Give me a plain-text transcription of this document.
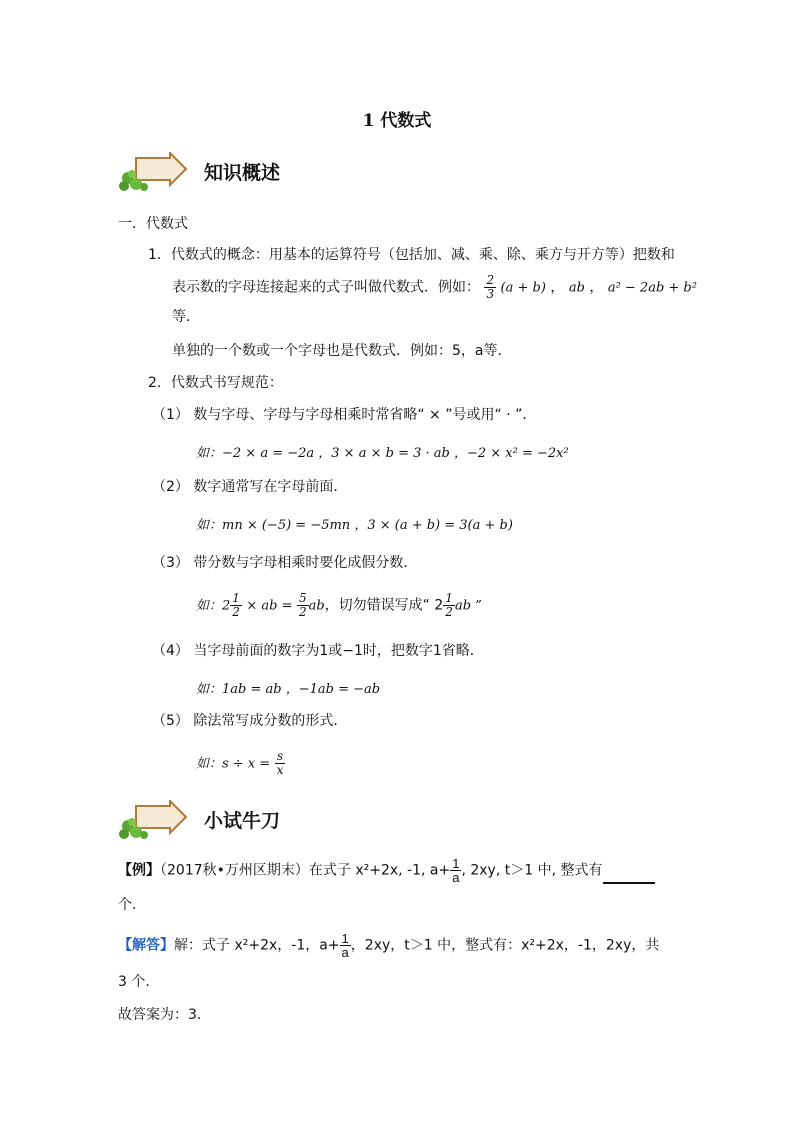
1 代数式
知识概述
一．代数式
1．代数式的概念：用基本的运算符号（包括加、减、乘、除、乘方与开方等）把数和
表示数的字母连接起来的式子叫做代数式．例如： $\frac{2}{3} (a + b)$ ， ab ， a² − 2ab + b²
等．
单独的一个数或一个字母也是代数式．例如：5，a等．
2．代数式书写规范：
（1） 数与字母、字母与字母相乘时常省略“ × ”号或用“ · ”．
如：−2 × a = −2a ，3 × a × b = 3 · ab ，−2 × x² = −2x²
（2） 数字通常写在字母前面．
如：mn × (−5) = −5mn ，3 × (a + b) = 3(a + b)
（3） 带分数与字母相乘时要化成假分数．
如：$2 \frac{1}{2}$ × ab = $\frac{5}{2}$ ab，切勿错误写成“ $2 \frac{1}{2}$ ab ”
（4） 当字母前面的数字为1或−1时，把数字1省略．
如：1ab = ab ，−1ab = −ab
（5） 除法常写成分数的形式．
如：$s \div x = \frac{s}{x}$
小试牛刀
【例】（2017秋•万州区期末）在式子 x²+2x, -1, $a+ \frac{1}{a}$ , 2xy, t＞1 中, 整式有
个.
【解答】解：式子 x²+2x，-1，$a+ \frac{1}{a}$ ，2xy，t＞1 中，整式有：x²+2x，-1，2xy，共
3 个.
故答案为：3.
